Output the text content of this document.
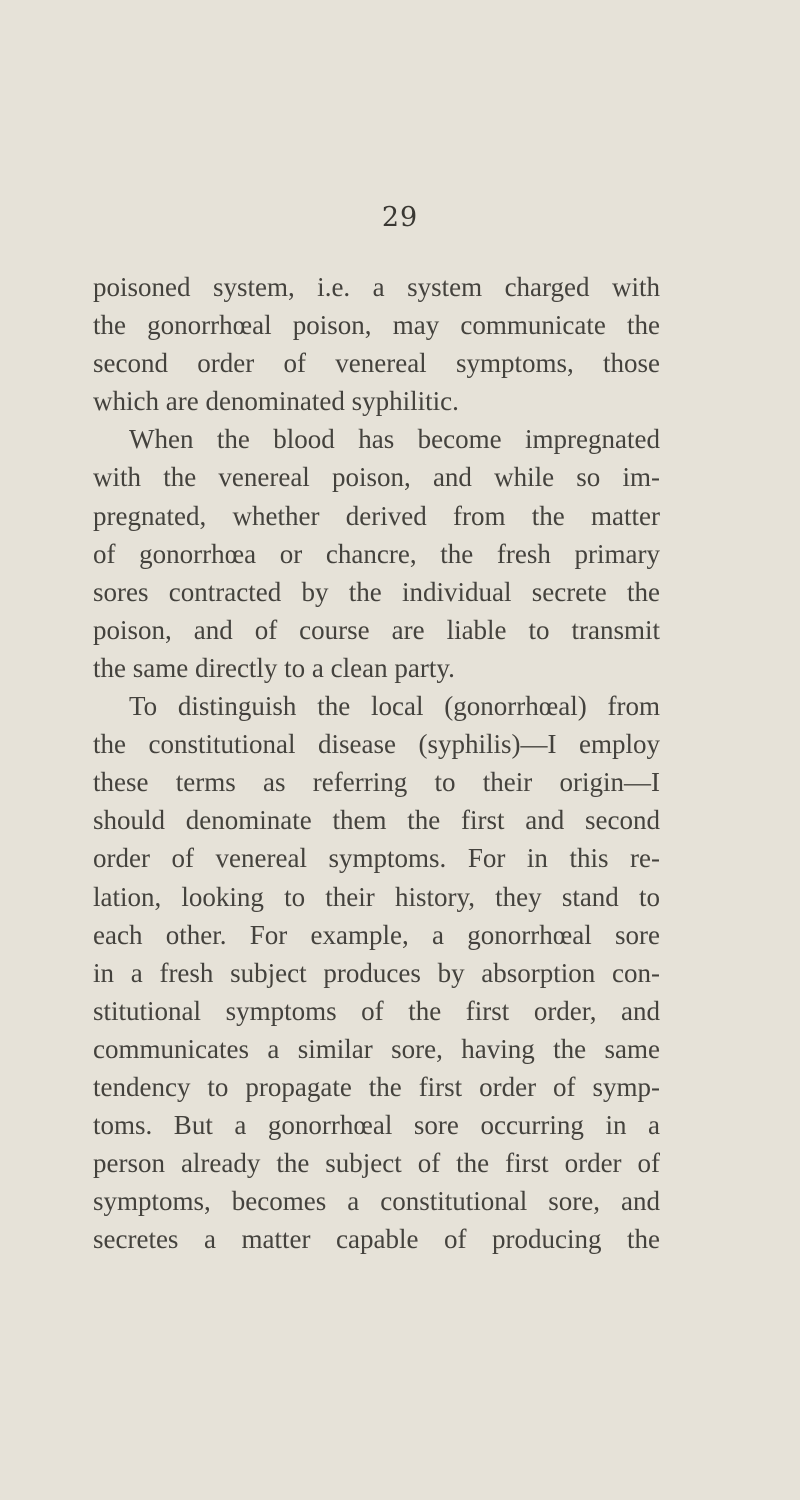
29
poisoned system, i.e. a system charged with
the gonorrhœal poison, may communicate the
second order of venereal symptoms, those
which are denominated syphilitic.
When the blood has become impregnated
with the venereal poison, and while so im-
pregnated, whether derived from the matter
of gonorrhœa or chancre, the fresh primary
sores contracted by the individual secrete the
poison, and of course are liable to transmit
the same directly to a clean party.
To distinguish the local (gonorrhœal) from
the constitutional disease (syphilis)—I employ
these terms as referring to their origin—I
should denominate them the first and second
order of venereal symptoms. For in this re-
lation, looking to their history, they stand to
each other. For example, a gonorrhœal sore
in a fresh subject produces by absorption con-
stitutional symptoms of the first order, and
communicates a similar sore, having the same
tendency to propagate the first order of symp-
toms. But a gonorrhœal sore occurring in a
person already the subject of the first order of
symptoms, becomes a constitutional sore, and
secretes a matter capable of producing the
